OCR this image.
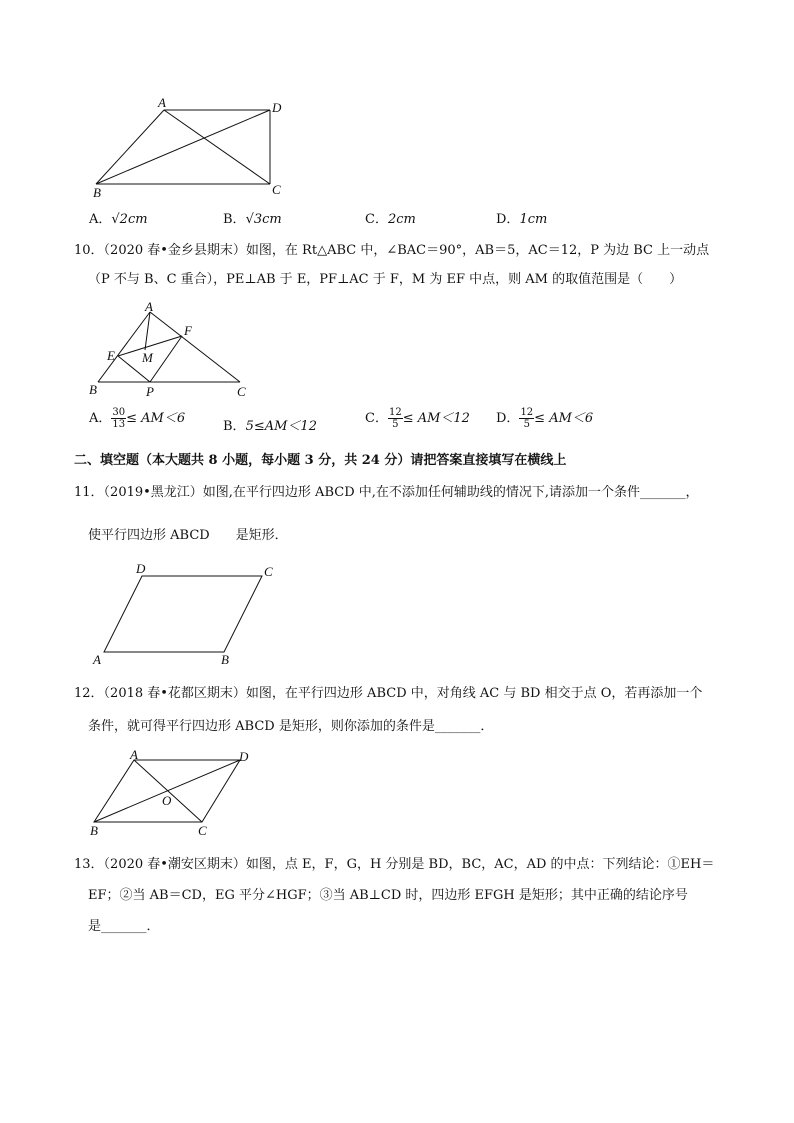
A	D
B	C
A．√2cm	B．√3cm	C．2cm	D．1cm
10．（2020 春•金乡县期末）如图，在 Rt△ABC 中，∠BAC＝90°，AB＝5，AC＝12，P 为边 BC 上一动点
（P 不与 B、C 重合），PE⊥AB 于 E，PF⊥AC 于 F，M 为 EF 中点，则 AM 的取值范围是（　　）
A
F
E M
B	P	C
A． $\frac{30}{13} \le AM<6$
B．5≤AM＜12
C． $\frac{12}{5} \le AM<12$ D． $\frac{12}{5} \le AM<6$
二、填空题（本大题共 8 小题，每小题 3 分，共 24 分）请把答案直接填写在横线上
11．（2019•黑龙江）如图,在平行四边形 ABCD 中,在不添加任何辅助线的情况下,请添加一个条件_______，
使平行四边形 ABCD　　是矩形．
D	C
A	B
12．（2018 春•花都区期末）如图，在平行四边形 ABCD 中，对角线 AC 与 BD 相交于点 O，若再添加一个
条件，就可得平行四边形 ABCD 是矩形，则你添加的条件是_______．
A	D
O
B	C
13．（2020 春•潮安区期末）如图，点 E，F，G，H 分别是 BD，BC，AC，AD 的中点：下列结论：①EH＝
EF；②当 AB＝CD，EG 平分∠HGF；③当 AB⊥CD 时，四边形 EFGH 是矩形；其中正确的结论序号
是_______．
